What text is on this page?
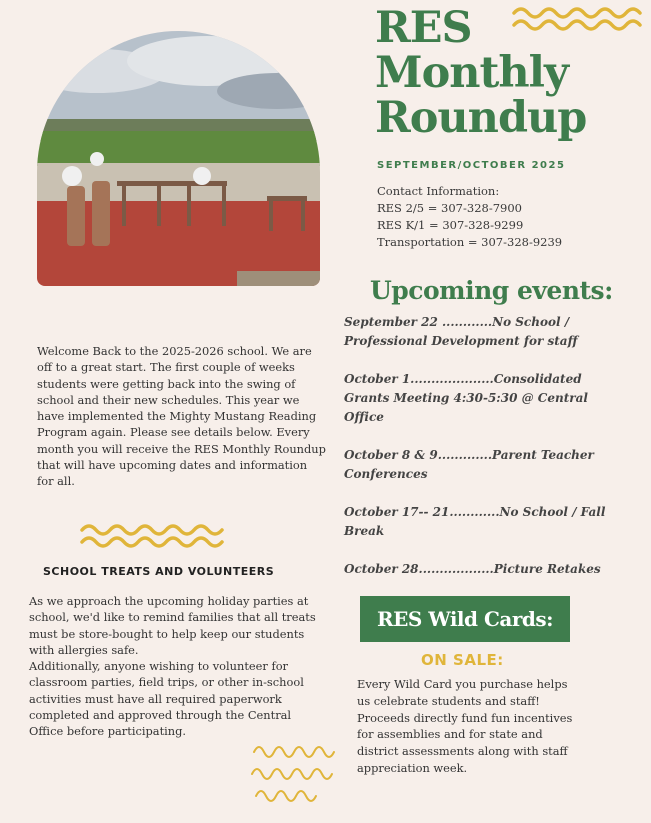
RES
Monthly
Roundup
SEPTEMBER/OCTOBER 2025
Contact Information:
RES 2/5 = 307-328-7900
RES K/1 = 307-328-9299
Transportation = 307-328-9239
Upcoming events:
September 22 ............No School / Professional Development for staff
October 1....................Consolidated Grants Meeting 4:30-5:30 @ Central Office
October 8 & 9.............Parent Teacher Conferences
October 17-- 21............No School / Fall Break
October 28..................Picture Retakes
Welcome Back to the 2025-2026 school. We are off to a great start. The first couple of weeks students were getting back into the swing of school and their new schedules. This year we have implemented the Mighty Mustang Reading Program again. Please see details below. Every month you will receive the RES Monthly Roundup that will have upcoming dates and information for all.
SCHOOL TREATS AND VOLUNTEERS
As we approach the upcoming holiday parties at school, we'd like to remind families that all treats must be store-bought to help keep our students with allergies safe.
Additionally, anyone wishing to volunteer for classroom parties, field trips, or other in-school activities must have all required paperwork completed and approved through the Central Office before participating.
RES Wild Cards:
ON SALE:
Every Wild Card you purchase helps us celebrate students and staff! Proceeds directly fund fun incentives for assemblies and for state and district assessments along with staff appreciation week.
